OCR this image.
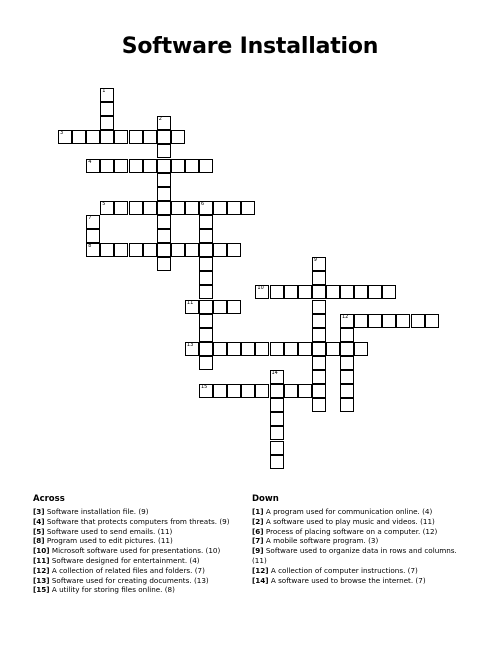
Software Installation
1
2
3
4
5	6
7
8
9
10
11
12
13
14
15
Across
[3] Software installation file. (9)
[4] Software that protects computers from threats. (9)
[5] Software used to send emails. (11)
[8] Program used to edit pictures. (11)
[10] Microsoft software used for presentations. (10)
[11] Software designed for entertainment. (4)
[12] A collection of related files and folders. (7)
[13] Software used for creating documents. (13)
[15] A utility for storing files online. (8)
Down
[1] A program used for communication online. (4)
[2] A software used to play music and videos. (11)
[6] Process of placing software on a computer. (12)
[7] A mobile software program. (3)
[9] Software used to organize data in rows and columns. (11)
[12] A collection of computer instructions. (7)
[14] A software used to browse the internet. (7)
